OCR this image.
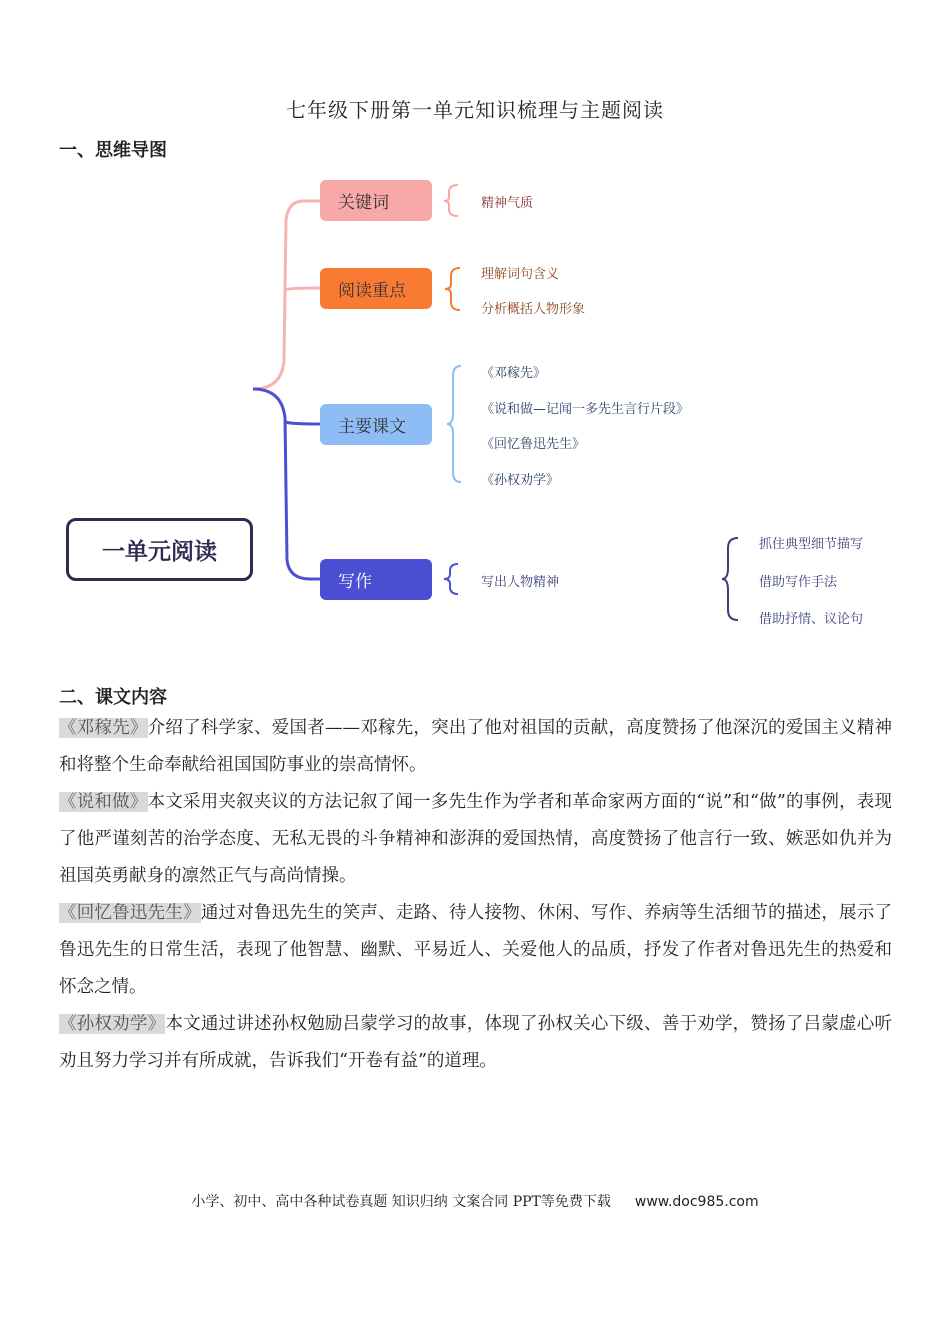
七年级下册第一单元知识梳理与主题阅读
一、思维导图
一单元阅读
关键词
阅读重点
主要课文
写作
精神气质
理解词句含义
分析概括人物形象
《邓稼先》
《说和做—记闻一多先生言行片段》
《回忆鲁迅先生》
《孙权劝学》
写出人物精神
抓住典型细节描写
借助写作手法
借助抒情、议论句
二、课文内容

《邓稼先》介绍了科学家、爱国者——邓稼先，突出了他对祖国的贡献，高度赞扬了他深沉的爱国主义精神和将整个生命奉献给祖国国防事业的崇高情怀。

《说和做》本文采用夹叙夹议的方法记叙了闻一多先生作为学者和革命家两方面的“说”和“做”的事例，表现了他严谨刻苦的治学态度、无私无畏的斗争精神和澎湃的爱国热情，高度赞扬了他言行一致、嫉恶如仇并为祖国英勇献身的凛然正气与高尚情操。

《回忆鲁迅先生》通过对鲁迅先生的笑声、走路、待人接物、休闲、写作、养病等生活细节的描述，展示了鲁迅先生的日常生活，表现了他智慧、幽默、平易近人、关爱他人的品质，抒发了作者对鲁迅先生的热爱和怀念之情。

《孙权劝学》本文通过讲述孙权勉励吕蒙学习的故事，体现了孙权关心下级、善于劝学，赞扬了吕蒙虚心听劝且努力学习并有所成就，告诉我们“开卷有益”的道理。

小学、初中、高中各种试卷真题 知识归纳 文案合同 PPT等免费下载 www.doc985.com
